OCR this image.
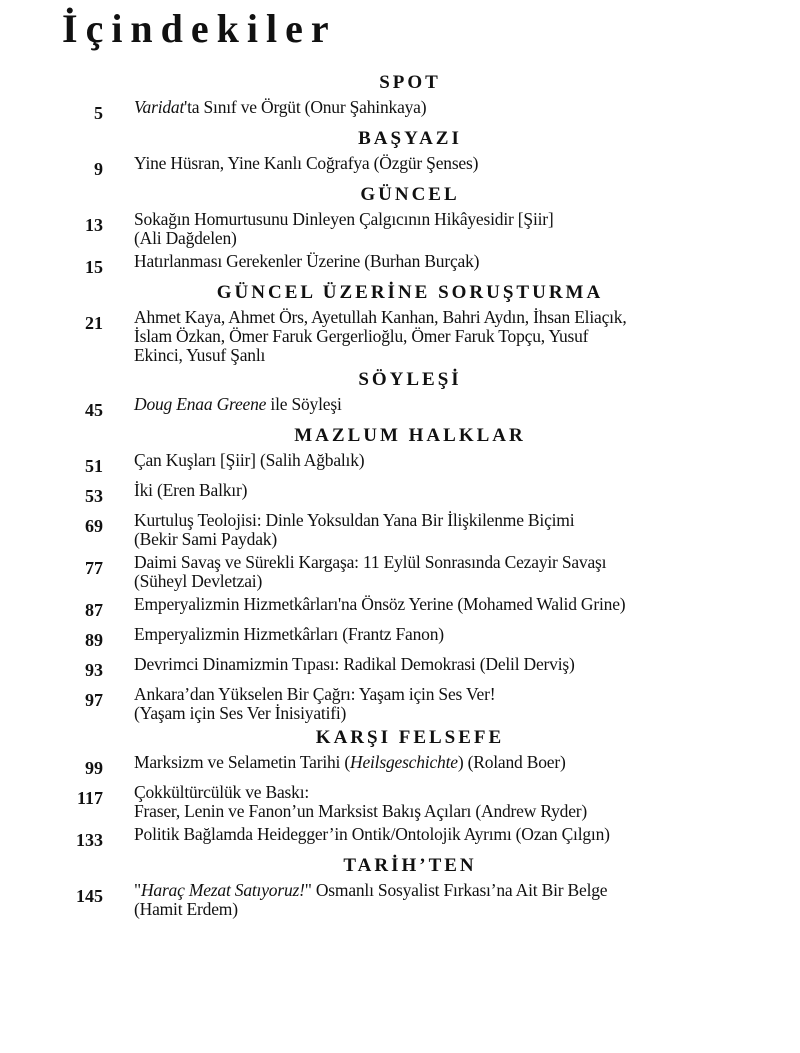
İçindekiler
SPOT
5 Varidat'ta Sınıf ve Örgüt (Onur Şahinkaya)
BAŞYAZI
9 Yine Hüsran, Yine Kanlı Coğrafya (Özgür Şenses)
GÜNCEL
13 Sokağın Homurtusunu Dinleyen Çalgıcının Hikâyesidir [Şiir]
(Ali Dağdelen)
15 Hatırlanması Gerekenler Üzerine (Burhan Burçak)
GÜNCEL ÜZERİNE SORUŞTURMA
21 Ahmet Kaya, Ahmet Örs, Ayetullah Kanhan, Bahri Aydın, İhsan Eliaçık,
İslam Özkan, Ömer Faruk Gergerlioğlu, Ömer Faruk Topçu, Yusuf
Ekinci, Yusuf Şanlı
SÖYLEŞİ
45 Doug Enaa Greene ile Söyleşi
MAZLUM HALKLAR
51 Çan Kuşları [Şiir] (Salih Ağbalık)
53 İki (Eren Balkır)
69 Kurtuluş Teolojisi: Dinle Yoksuldan Yana Bir İlişkilenme Biçimi
(Bekir Sami Paydak)
77 Daimi Savaş ve Sürekli Kargaşa: 11 Eylül Sonrasında Cezayir Savaşı
(Süheyl Devletzai)
87 Emperyalizmin Hizmetkârları'na Önsöz Yerine (Mohamed Walid Grine)
89 Emperyalizmin Hizmetkârları (Frantz Fanon)
93 Devrimci Dinamizmin Tıpası: Radikal Demokrasi (Delil Derviş)
97 Ankara’dan Yükselen Bir Çağrı: Yaşam için Ses Ver!
(Yaşam için Ses Ver İnisiyatifi)
KARŞI FELSEFE
99 Marksizm ve Selametin Tarihi (Heilsgeschichte) (Roland Boer)
117 Çokkültürcülük ve Baskı:
Fraser, Lenin ve Fanon’un Marksist Bakış Açıları (Andrew Ryder)
133 Politik Bağlamda Heidegger’in Ontik/Ontolojik Ayrımı (Ozan Çılgın)
TARİH’TEN
145 "Haraç Mezat Satıyoruz!" Osmanlı Sosyalist Fırkası’na Ait Bir Belge
(Hamit Erdem)
